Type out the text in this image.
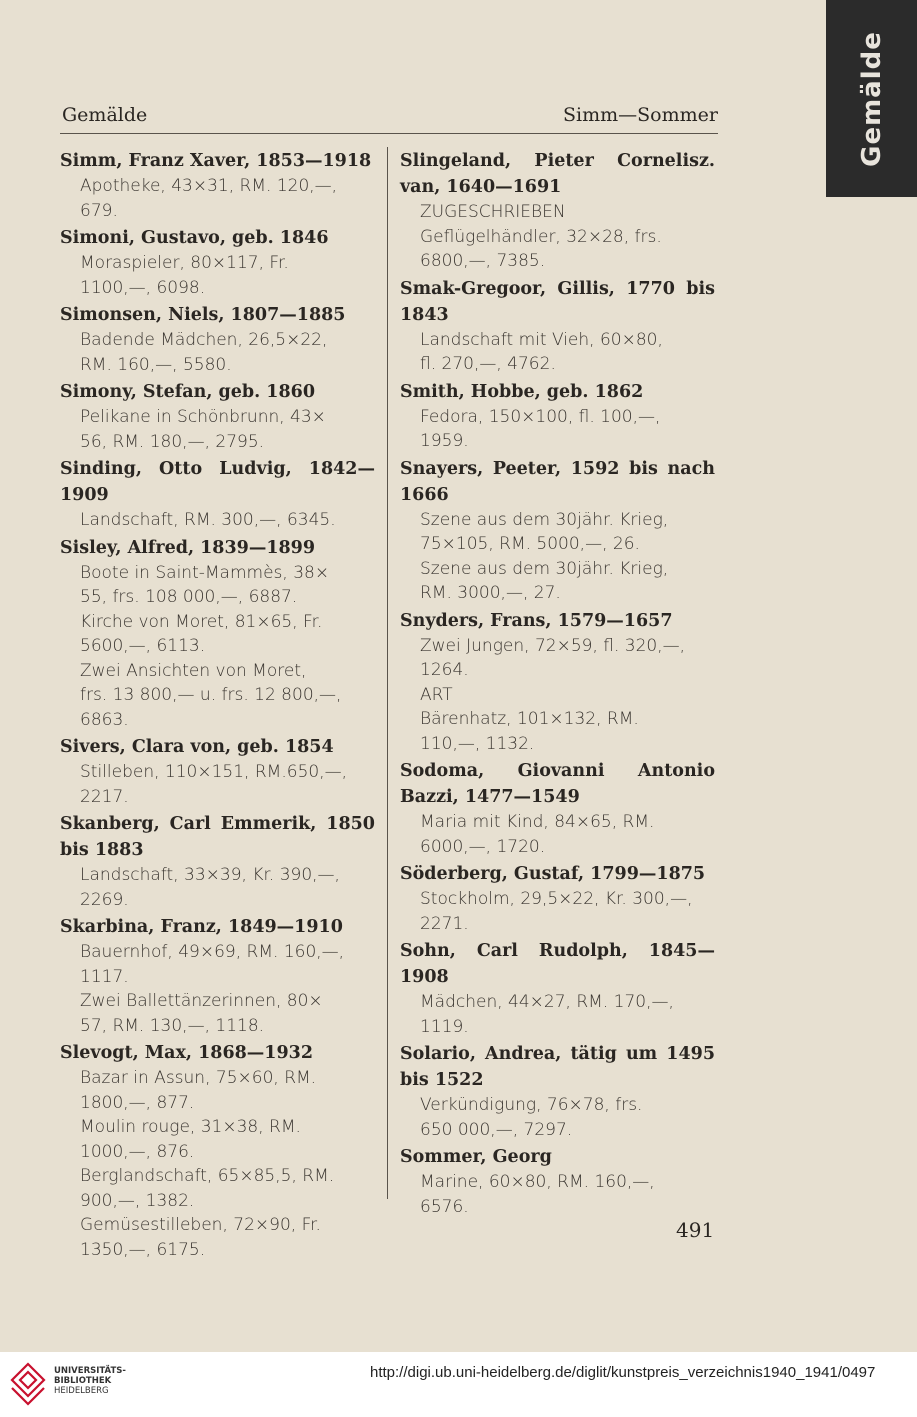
Gemälde
Gemälde	Simm—Sommer
Simm, Franz Xaver, 1853—1918
Apotheke, 43×31, RM. 120,—,
679.
Simoni, Gustavo, geb. 1846
Moraspieler, 80×117, Fr.
1100,—, 6098.
Simonsen, Niels, 1807—1885
Badende Mädchen, 26,5×22,
RM. 160,—, 5580.
Simony, Stefan, geb. 1860
Pelikane in Schönbrunn, 43×
56, RM. 180,—, 2795.
Sinding, Otto Ludvig, 1842—1909
Landschaft, RM. 300,—, 6345.
Sisley, Alfred, 1839—1899
Boote in Saint-Mammès, 38×
55, frs. 108 000,—, 6887.
Kirche von Moret, 81×65, Fr.
5600,—, 6113.
Zwei Ansichten von Moret,
frs. 13 800,— u. frs. 12 800,—,
6863.
Sivers, Clara von, geb. 1854
Stilleben, 110×151, RM.650,—,
2217.
Skanberg, Carl Emmerik, 1850 bis 1883
Landschaft, 33×39, Kr. 390,—,
2269.
Skarbina, Franz, 1849—1910
Bauernhof, 49×69, RM. 160,—,
1117.
Zwei Ballettänzerinnen, 80×
57, RM. 130,—, 1118.
Slevogt, Max, 1868—1932
Bazar in Assun, 75×60, RM.
1800,—, 877.
Moulin rouge, 31×38, RM.
1000,—, 876.
Berglandschaft, 65×85,5, RM.
900,—, 1382.
Gemüsestilleben, 72×90, Fr.
1350,—, 6175.
Slingeland, Pieter Cornelisz. van, 1640—1691
ZUGESCHRIEBEN
Geflügelhändler, 32×28, frs.
6800,—, 7385.
Smak-Gregoor, Gillis, 1770 bis 1843
Landschaft mit Vieh, 60×80,
fl. 270,—, 4762.
Smith, Hobbe, geb. 1862
Fedora, 150×100, fl. 100,—,
1959.
Snayers, Peeter, 1592 bis nach 1666
Szene aus dem 30jähr. Krieg,
75×105, RM. 5000,—, 26.
Szene aus dem 30jähr. Krieg,
RM. 3000,—, 27.
Snyders, Frans, 1579—1657
Zwei Jungen, 72×59, fl. 320,—,
1264.
ART
Bärenhatz, 101×132, RM.
110,—, 1132.
Sodoma, Giovanni Antonio Bazzi, 1477—1549
Maria mit Kind, 84×65, RM.
6000,—, 1720.
Söderberg, Gustaf, 1799—1875
Stockholm, 29,5×22, Kr. 300,—,
2271.
Sohn, Carl Rudolph, 1845—1908
Mädchen, 44×27, RM. 170,—,
1119.
Solario, Andrea, tätig um 1495 bis 1522
Verkündigung, 76×78, frs.
650 000,—, 7297.
Sommer, Georg
Marine, 60×80, RM. 160,—,
6576.
491
UNIVERSITÄTS-
BIBLIOTHEK
HEIDELBERG
http://digi.ub.uni-heidelberg.de/diglit/kunstpreis_verzeichnis1940_1941/0497
